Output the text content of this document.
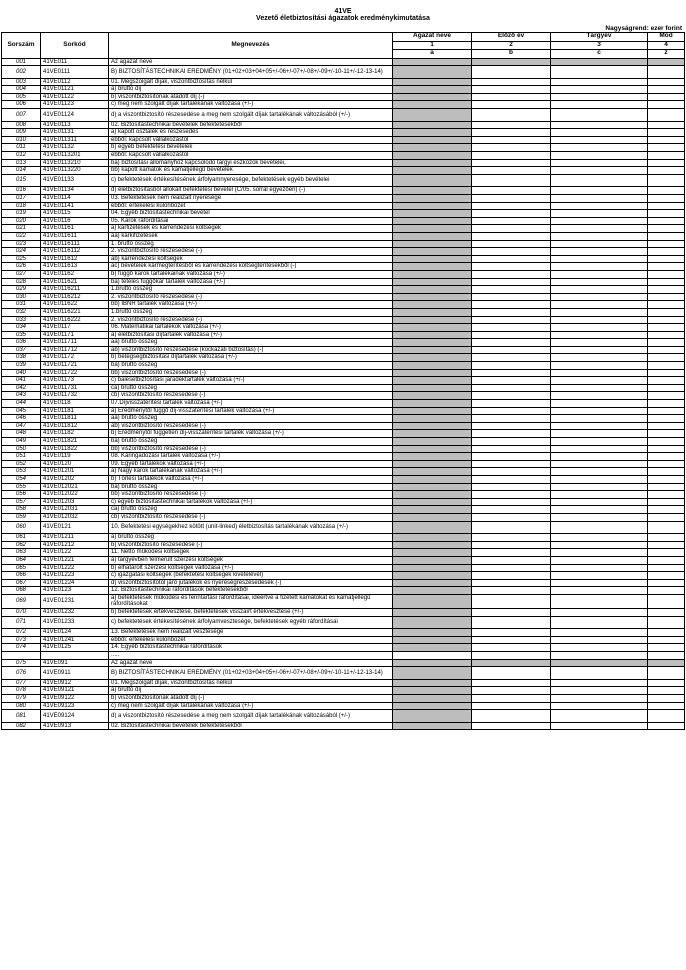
41VE
Vezető életbiztosítási ágazatok eredménykimutatása
Nagyságrend: ezer forint
Sorszám	Sorkód	Megnevezés	Ágazat neve	Előző év	Tárgyév	Mód
			1	2	3	4
			a	b	c	z
001	41VE011	Az ágazat neve				
002	41VE0111	B) BIZTOSÍTÁSTECHNIKAI EREDMÉNY (01+02+03+04+05+/-06+/-07+/-08+/-09+/-10-11+/-12-13-14)				
003	41VE0112	01. Megszolgált díjak, viszontbiztosítás nélkül				
004	41VE01121	a) bruttó díj				
005	41VE01122	b) viszontbiztosítónak átadott díj (-)				
006	41VE01123	c) meg nem szolgált díjak tartalékának változása (+/-)				
007	41VE01124	d) a viszontbiztosító részesedése a meg nem szolgált díjak tartalékának változásából (+/-)				
008	41VE0113	02. Biztosítástechnikai bevételek befektetésekből				
009	41VE01131	a) kapott osztalék és részesedés				
010	41VE011311	ebből: kapcsolt vállalkozástól				
011	41VE01132	b) egyéb befektetési bevételek				
012	41VE0113201	ebből: kapcsolt vállalkozástól				
013	41VE0113210	ba) biztosítási állományhoz kapcsolódó tárgyi eszközök bevételei,				
014	41VE0113220	bb) kapott kamatok és kamatjellegű bevételek				
015	41VE01133	c) befektetések értékesítésének árfolyamnyeresége, befektetések egyéb bevételei				
016	41VE01134	d) életbiztosításból allokált befektetési bevétel (C/05. sorral egyezően) (-)				
017	41VE0114	03. Befektetések nem realizált nyeresége				
018	41VE01141	ebből: értékelési különbözet				
019	41VE0115	04. Egyéb biztosítástechnikai bevétel				
020	41VE0116	05. Károk ráfordításai				
021	41VE01161	a) kárfizetések és kárrendezési költségek				
022	41VE011611	aa) kárkifizetések				
023	41VE0116111	1. bruttó összeg				
024	41VE0116112	2. viszontbiztosító részesedése (-)				
025	41VE011612	ab) kárrendezési költségek				
026	41VE011613	ac) bevételek kármegtérítésből és kárrendezési költségtérítésekből (-)				
027	41VE01162	b) függő károk tartalékainak változása (+/-)				
028	41VE011621	ba) tételes függőkár tartalék változása (+/-)				
029	41VE0116211	1.bruttó összeg				
030	41VE0116212	2. viszontbiztosító részesedése (-)				
031	41VE011622	bb) IBNR tartalék változása (+/-)				
032	41VE0116221	1.bruttó összeg				
033	41VE0116222	2. viszontbiztosító részesedése (-)				
034	41VE0117	06. Matematikai tartalékok változása (+/-)				
035	41VE01171	a) életbiztosítási díjtartalék változása (+/-)				
036	41VE011711	aa) bruttó összeg				
037	41VE011712	ab) viszontbiztosító részesedése (kockázati biztosítás) (-)				
038	41VE01172	b) betegségbiztosítási díjtartalék változása (+/-)				
039	41VE011721	ba) bruttó összeg				
040	41VE011722	bb) viszontbiztosító részesedése (-)				
041	41VE01173	c) balesetbiztosítási járadéktartalék változása (+/-)				
042	41VE011731	ca) bruttó összeg				
043	41VE011732	cb) viszontbiztosító részesedése (-)				
044	41VE0118	07.Díjvisszatérítési tartalék változása (+/-)				
045	41VE01181	a) Eredménytől függő díj-visszatérítési tartalék változása (+/-)				
046	41VE011811	aa) bruttó összeg				
047	41VE011812	ab) viszontbiztosító részesedése (-)				
048	41VE01182	b) Eredménytől független díj-visszatérítési tartalék változása (+/-)				
049	41VE011821	ba) bruttó összeg				
050	41VE011822	bb) viszontbiztosító részesedése (-)				
051	41VE0119	08. Káringadozási tartalék változása (+/-)				
052	41VE0120	09. Egyéb tartalékok változása (+/-)				
053	41VE01201	a) Nagy károk tartalékának változása (+/-)				
054	41VE01202	b) Törlési tartalékok változása (+/-)				
055	41VE012021	ba) bruttó összeg				
056	41VE012022	bb) viszontbiztosító részesedése (-)				
057	41VE01203	c) egyéb biztosítástechnikai tartalékok változása (+/-)				
058	41VE012031	ca) bruttó összeg				
059	41VE012032	cb) viszontbiztosító részesedése (-)				
060	41VE0121	10. Befektetési egységekhez kötött (unit-linked) életbiztosítás tartalékának változása (+/-)				
061	41VE01211	a) bruttó összeg				
062	41VE01212	b) viszontbiztosító részesedése (-)				
063	41VE0122	11. Nettó működési költségek				
064	41VE01221	a) tárgyévben felmerült szerzési költségek				
065	41VE01222	b) elhatárolt szerzési költségek változása (+/-)				
066	41VE01223	c) igazgatási költségek (befektetési költségek kivételével)				
067	41VE01224	d) viszontbiztosítótól járó jutalékok és nyereségrészesedések (-)				
068	41VE0123	12. Biztosítástechnikai ráfordítások befektetésekből				
069	41VE01231	a) befektetések működési és fenntartási ráfordításai, ideértve a fizetett kamatokat és kamatjellegű ráfordításokat				
070	41VE01232	b) befektetések értékvesztése, befektetések visszaírt értékvesztése (+/-)				
071	41VE01233	c) befektetések értékesítésének árfolyamvesztesége, befektetések egyéb ráfordításai				
072	41VE0124	13. Befektetések nem realizált vesztesége				
073	41VE01241	ebből: értékelési különbözet				
074	41VE0125	14. Egyéb biztosítástechnikai ráfordítások				
		.....				
075	41VE091	Az ágazat neve				
076	41VE0911	B) BIZTOSÍTÁSTECHNIKAI EREDMÉNY (01+02+03+04+05+/-06+/-07+/-08+/-09+/-10-11+/-12-13-14)				
077	41VE0912	01. Megszolgált díjak, viszontbiztosítás nélkül				
078	41VE09121	a) bruttó díj				
079	41VE09122	b) viszontbiztosítónak átadott díj (-)				
080	41VE09123	c) meg nem szolgált díjak tartalékának változása (+/-)				
081	41VE09124	d) a viszontbiztosító részesedése a meg nem szolgált díjak tartalékának változásából (+/-)				
082	41VE0913	02. Biztosítástechnikai bevételek befektetésekből				
